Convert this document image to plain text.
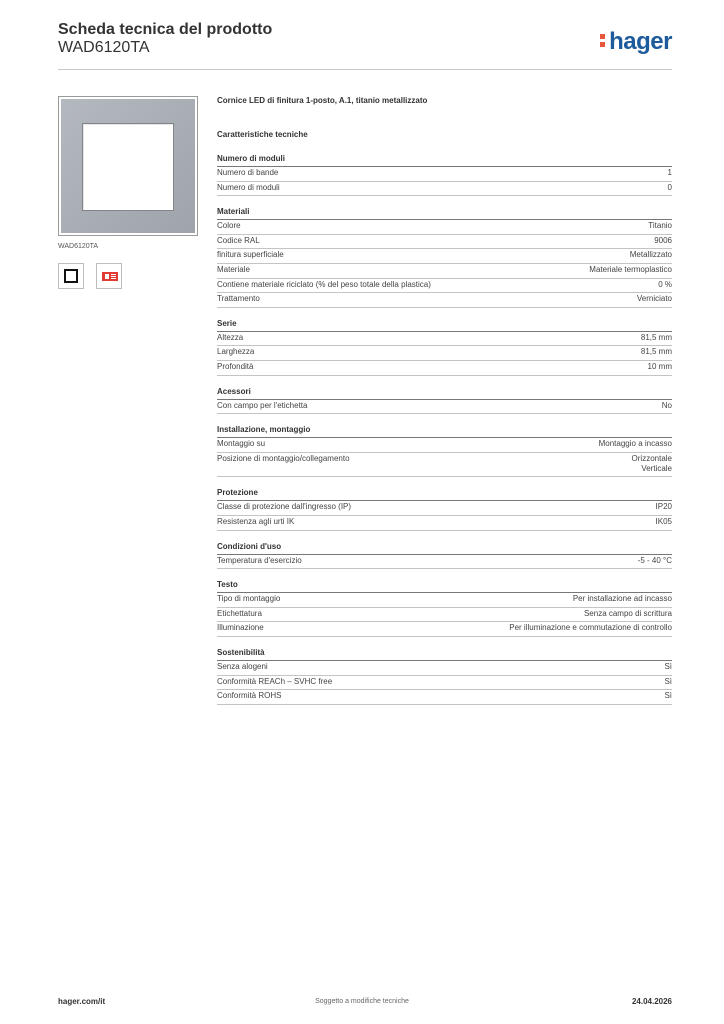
Scheda tecnica del prodotto
WAD6120TA	hager
WAD6120TA
Cornice LED di finitura 1-posto, A.1, titanio metallizzato
Caratteristiche tecniche
Numero di moduli
Numero di bande	1
Numero di moduli	0
Materiali
Colore	Titanio
Codice RAL	9006
finitura superficiale	Metallizzato
Materiale	Materiale termoplastico
Contiene materiale riciclato (% del peso totale della plastica)	0 %
Trattamento	Verniciato
Serie
Altezza	81,5 mm
Larghezza	81,5 mm
Profondità	10 mm
Acessori
Con campo per l'etichetta	No
Installazione, montaggio
Montaggio su	Montaggio a incasso
Posizione di montaggio/collegamento	Orizzontale
Verticale
Protezione
Classe di protezione dall'ingresso (IP)	IP20
Resistenza agli urti IK	IK05
Condizioni d'uso
Temperatura d'esercizio	-5 - 40 °C
Testo
Tipo di montaggio	Per installazione ad incasso
Etichettatura	Senza campo di scrittura
Illuminazione	Per illuminazione e commutazione di controllo
Sostenibilità
Senza alogeni	Sì
Conformità REACh – SVHC free	Sì
Conformità ROHS	Sì
hager.com/it	Soggetto a modifiche tecniche	24.04.2026
